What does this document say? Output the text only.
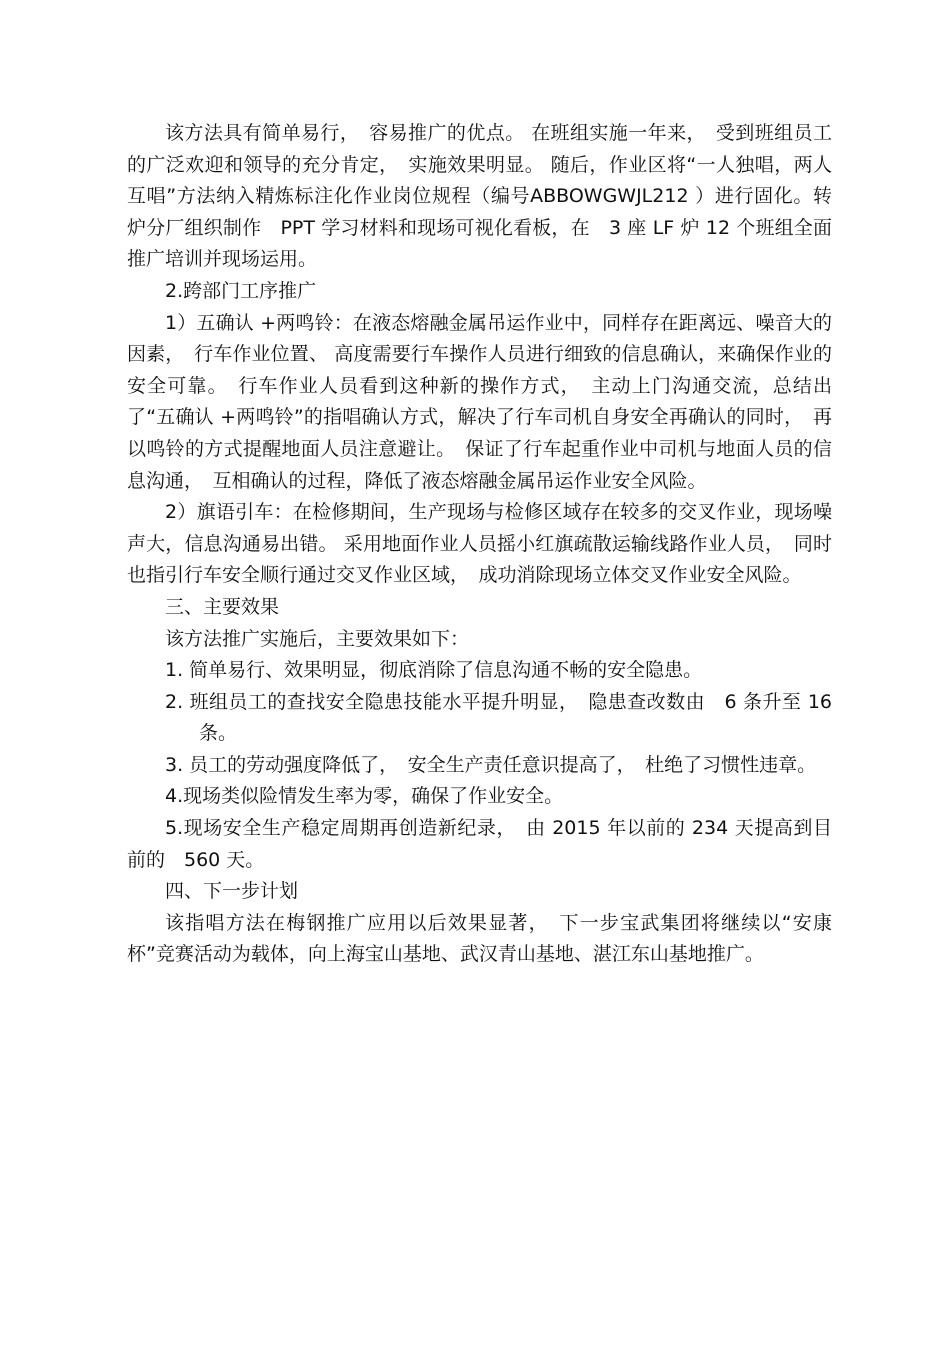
该方法具有简单易行，　容易推广的优点。 在班组实施一年来，　受到班组员工的广泛欢迎和领导的充分肯定，　实施效果明显。 随后，作业区将“一人独唱，两人互唱”方法纳入精炼标注化作业岗位规程（编号ABBOWGWJL212 ）进行固化。转炉分厂组织制作　PPT 学习材料和现场可视化看板，在　3 座 LF 炉 12 个班组全面推广培训并现场运用。

2.跨部门工序推广

1）五确认 +两鸣铃：在液态熔融金属吊运作业中，同样存在距离远、噪音大的因素，　行车作业位置、 高度需要行车操作人员进行细致的信息确认，来确保作业的安全可靠。　行车作业人员看到这种新的操作方式，　主动上门沟通交流，总结出了“五确认 +两鸣铃”的指唱确认方式，解决了行车司机自身安全再确认的同时，　再以鸣铃的方式提醒地面人员注意避让。　保证了行车起重作业中司机与地面人员的信息沟通，　互相确认的过程，降低了液态熔融金属吊运作业安全风险。

2）旗语引车：在检修期间，生产现场与检修区域存在较多的交叉作业，现场噪声大，信息沟通易出错。 采用地面作业人员摇小红旗疏散运输线路作业人员，　同时也指引行车安全顺行通过交叉作业区域，　成功消除现场立体交叉作业安全风险。

三、主要效果

该方法推广实施后，主要效果如下：

1. 简单易行、效果明显，彻底消除了信息沟通不畅的安全隐患。
2. 班组员工的查找安全隐患技能水平提升明显，　隐患查改数由　6 条升至 16 条。
3. 员工的劳动强度降低了，　安全生产责任意识提高了，　杜绝了习惯性违章。
4.现场类似险情发生率为零，确保了作业安全。
5.现场安全生产稳定周期再创造新纪录，　由 2015 年以前的 234 天提高到目前的　560 天。

四、下一步计划

该指唱方法在梅钢推广应用以后效果显著，　下一步宝武集团将继续以“安康杯”竞赛活动为载体，向上海宝山基地、武汉青山基地、湛江东山基地推广。
